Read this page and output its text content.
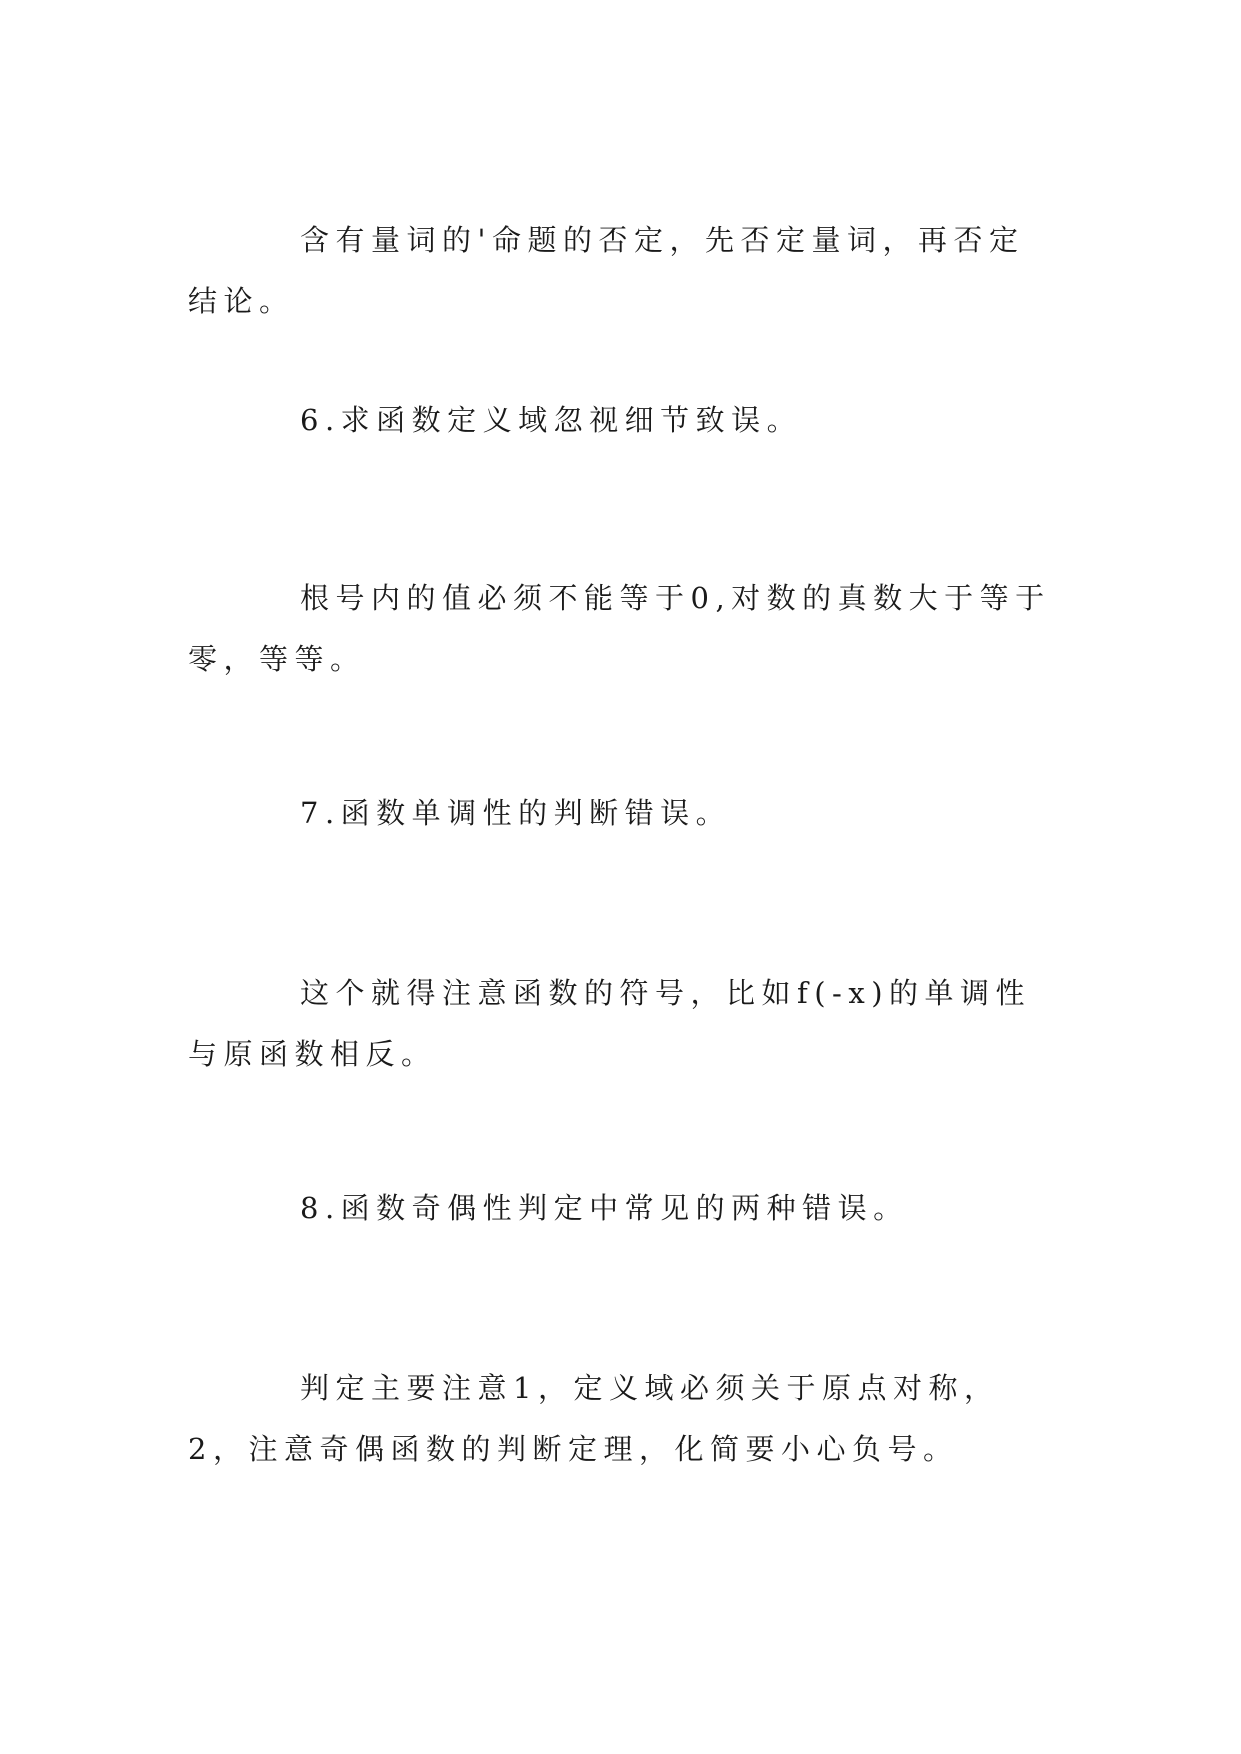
含有量词的'命题的否定，先否定量词，再否定结论。

6.求函数定义域忽视细节致误。

根号内的值必须不能等于0,对数的真数大于等于零，等等。

7.函数单调性的判断错误。

这个就得注意函数的符号，比如f(-x)的单调性与原函数相反。

8.函数奇偶性判定中常见的两种错误。

判定主要注意1，定义域必须关于原点对称，2，注意奇偶函数的判断定理，化简要小心负号。
